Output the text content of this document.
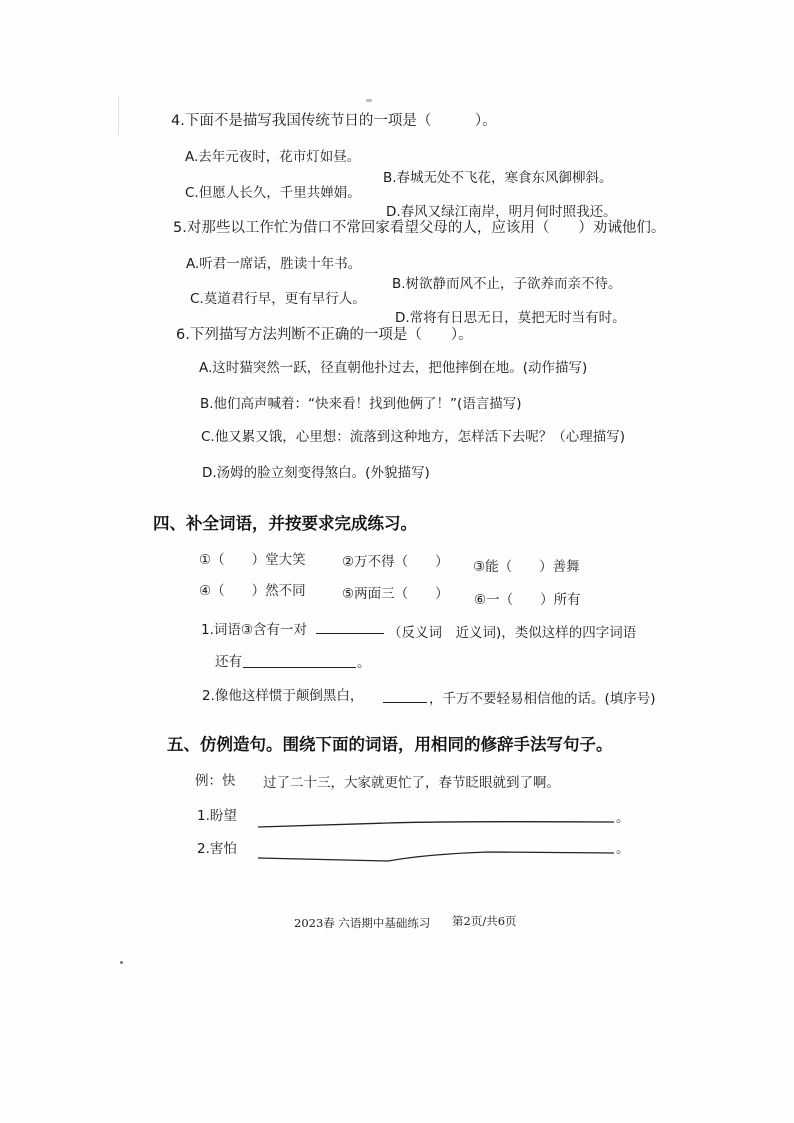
4.下面不是描写我国传统节日的一项是（　　　）。
A.去年元夜时，花市灯如昼。
B.春城无处不飞花，寒食东风御柳斜。
C.但愿人长久，千里共婵娟。
D.春风又绿江南岸，明月何时照我还。
5.对那些以工作忙为借口不常回家看望父母的人，应该用（　　）劝诫他们。
A.听君一席话，胜读十年书。
B.树欲静而风不止，子欲养而亲不待。
C.莫道君行早，更有早行人。
D.常将有日思无日，莫把无时当有时。
6.下列描写方法判断不正确的一项是（　　）。
A.这时猫突然一跃，径直朝他扑过去，把他摔倒在地。(动作描写)
B.他们高声喊着：“快来看！找到他俩了！”(语言描写)
C.他又累又饿，心里想：流落到这种地方，怎样活下去呢？（心理描写)
D.汤姆的脸立刻变得煞白。(外貌描写)
四、补全词语，并按要求完成练习。
①（　　）堂大笑	②万不得（　　） ③能（　　）善舞
④（　　）然不同	⑤两面三（　　） ⑥一（　　）所有
1.词语③含有一对	（反义词　近义词)，类似这样的四字词语
还有	。
2.像他这样惯于颠倒黑白，	，千万不要轻易相信他的话。(填序号)
五、仿例造句。围绕下面的词语，用相同的修辞手法写句子。
例：快 过了二十三，大家就更忙了，春节眨眼就到了啊。
1.盼望	。
2.害怕	。
2023春 六语期中基础练习 第2页/共6页
